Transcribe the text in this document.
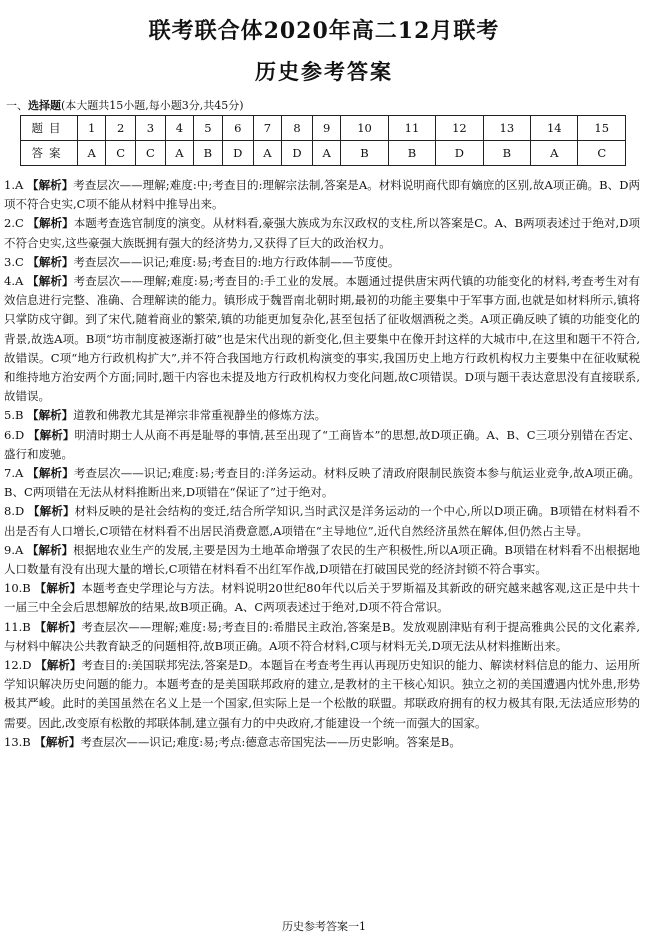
联考联合体2020年高二12月联考
历史参考答案
一、选择题(本大题共15小题,每小题3分,共45分)
题目	1	2	3	4	5	6	7	8	9	10	11	12	13	14	15
答案	A	C	C	A	B	D	A	D	A	B	B	D	B	A	C

1.A 【解析】考查层次——理解;难度:中;考查目的:理解宗法制,答案是A。材料说明商代即有嫡庶的区别,故A项正确。B、D两项不符合史实,C项不能从材料中推导出来。

2.C 【解析】本题考查选官制度的演变。从材料看,豪强大族成为东汉政权的支柱,所以答案是C。A、B两项表述过于绝对,D项不符合史实,这些豪强大族既拥有强大的经济势力,又获得了巨大的政治权力。

3.C 【解析】考查层次——识记;难度:易;考查目的:地方行政体制——节度使。

4.A 【解析】考查层次——理解;难度:易;考查目的:手工业的发展。本题通过提供唐宋两代镇的功能变化的材料,考查考生对有效信息进行完整、准确、合理解读的能力。镇形成于魏晋南北朝时期,最初的功能主要集中于军事方面,也就是如材料所示,镇将只掌防戍守御。到了宋代,随着商业的繁荣,镇的功能更加复杂化,甚至包括了征收烟酒税之类。A项正确反映了镇的功能变化的背景,故选A项。B项“坊市制度被逐渐打破”也是宋代出现的新变化,但主要集中在像开封这样的大城市中,在这里和题干不符合,故错误。C项“地方行政机构扩大”,并不符合我国地方行政机构演变的事实,我国历史上地方行政机构权力主要集中在征收赋税和维持地方治安两个方面;同时,题干内容也未提及地方行政机构权力变化问题,故C项错误。D项与题干表达意思没有直接联系,故错误。

5.B 【解析】道教和佛教尤其是禅宗非常重视静坐的修炼方法。

6.D 【解析】明清时期士人从商不再是耻辱的事情,甚至出现了“工商皆本”的思想,故D项正确。A、B、C三项分别错在否定、盛行和废驰。

7.A 【解析】考查层次——识记;难度:易;考查目的:洋务运动。材料反映了清政府限制民族资本参与航运业竞争,故A项正确。B、C两项错在无法从材料推断出来,D项错在“保证了”过于绝对。

8.D 【解析】材料反映的是社会结构的变迁,结合所学知识,当时武汉是洋务运动的一个中心,所以D项正确。B项错在材料看不出是否有人口增长,C项错在材料看不出居民消费意愿,A项错在“主导地位”,近代自然经济虽然在解体,但仍然占主导。

9.A 【解析】根据地农业生产的发展,主要是因为土地革命增强了农民的生产积极性,所以A项正确。B项错在材料看不出根据地人口数量有没有出现大量的增长,C项错在材料看不出红军作战,D项错在打破国民党的经济封锁不符合事实。

10.B 【解析】本题考查史学理论与方法。材料说明20世纪80年代以后关于罗斯福及其新政的研究越来越客观,这正是中共十一届三中全会后思想解放的结果,故B项正确。A、C两项表述过于绝对,D项不符合常识。

11.B 【解析】考查层次——理解;难度:易;考查目的:希腊民主政治,答案是B。发放观剧津贴有利于提高雅典公民的文化素养,与材料中解决公共教育缺乏的问题相符,故B项正确。A项不符合材料,C项与材料无关,D项无法从材料推断出来。

12.D 【解析】考查目的:美国联邦宪法,答案是D。本题旨在考查考生再认再现历史知识的能力、解读材料信息的能力、运用所学知识解决历史问题的能力。本题考查的是美国联邦政府的建立,是教材的主干核心知识。独立之初的美国遭遇内忧外患,形势极其严峻。此时的美国虽然在名义上是一个国家,但实际上是一个松散的联盟。邦联政府拥有的权力极其有限,无法适应形势的需要。因此,改变原有松散的邦联体制,建立强有力的中央政府,才能建设一个统一而强大的国家。

13.B 【解析】考查层次——识记;难度:易;考点:德意志帝国宪法——历史影响。答案是B。

历史参考答案一1
